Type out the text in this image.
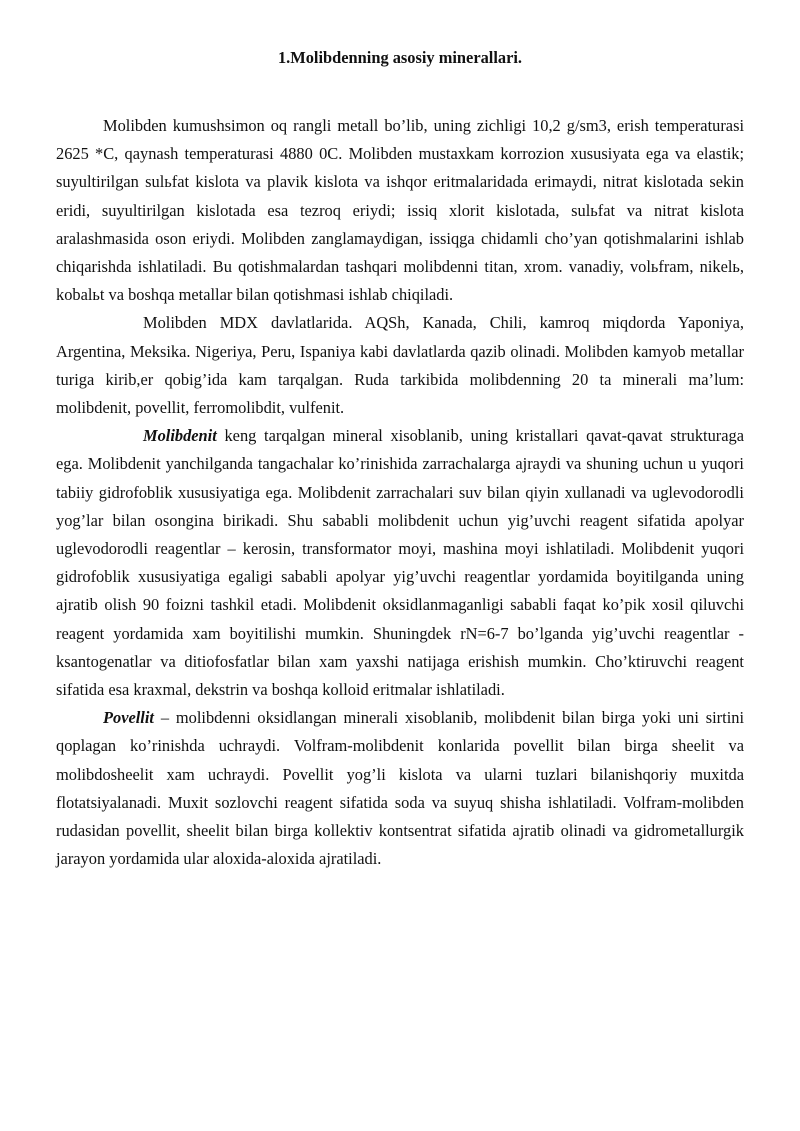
1.Molibdenning asosiy minerallari.

Molibden kumushsimon oq rangli metall bo’lib, uning zichligi 10,2 g/sm3, erish temperaturasi 2625 *C, qaynash temperaturasi 4880 0C. Molibden mustaxkam korrozion xususiyata ega va elastik; suyultirilgan sulьfat kislota va plavik kislota va ishqor eritmalaridada erimaydi, nitrat kislotada sekin eridi, suyultirilgan kislotada esa tezroq eriydi; issiq xlorit kislotada, sulьfat va nitrat kislota aralashmasida oson eriydi. Molibden zanglamaydigan, issiqga chidamli cho’yan qotishmalarini ishlab chiqarishda ishlatiladi. Bu qotishmalardan tashqari molibdenni titan, xrom. vanadiy, volьfram, nikelь, kobalьt va boshqa metallar bilan qotishmasi ishlab chiqiladi.

Molibden MDX davlatlarida. AQSh, Kanada, Chili, kamroq miqdorda Yaponiya, Argentina, Meksika. Nigeriya, Peru, Ispaniya kabi davlatlarda qazib olinadi. Molibden kamyob metallar turiga kirib,er qobig’ida kam tarqalgan. Ruda tarkibida molibdenning 20 ta minerali ma’lum: molibdenit, povellit, ferromolibdit, vulfenit.

Molibdenit keng tarqalgan mineral xisoblanib, uning kristallari qavat-qavat strukturaga ega. Molibdenit yanchilganda tangachalar ko’rinishida zarrachalarga ajraydi va shuning uchun u yuqori tabiiy gidrofoblik xususiyatiga ega. Molibdenit zarrachalari suv bilan qiyin xullanadi va uglevodorodli yog’lar bilan osongina birikadi. Shu sababli molibdenit uchun yig’uvchi reagent sifatida apolyar uglevodorodli reagentlar – kerosin, transformator moyi, mashina moyi ishlatiladi. Molibdenit yuqori gidrofoblik xususiyatiga egaligi sababli apolyar yig’uvchi reagentlar yordamida boyitilganda uning ajratib olish 90 foizni tashkil etadi. Molibdenit oksidlanmaganligi sababli faqat ko’pik xosil qiluvchi reagent yordamida xam boyitilishi mumkin. Shuningdek rN=6-7 bo’lganda yig’uvchi reagentlar - ksantogenatlar va ditiofosfatlar bilan xam yaxshi natijaga erishish mumkin. Cho’ktiruvchi reagent sifatida esa kraxmal, dekstrin va boshqa kolloid eritmalar ishlatiladi.

Povellit – molibdenni oksidlangan minerali xisoblanib, molibdenit bilan birga yoki uni sirtini qoplagan ko’rinishda uchraydi. Volfram-molibdenit konlarida povellit bilan birga sheelit va molibdosheelit xam uchraydi. Povellit yog’li kislota va ularni tuzlari bilanishqoriy muxitda flotatsiyalanadi. Muxit sozlovchi reagent sifatida soda va suyuq shisha ishlatiladi. Volfram-molibden rudasidan povellit, sheelit bilan birga kollektiv kontsentrat sifatida ajratib olinadi va gidrometallurgik jarayon yordamida ular aloxida-aloxida ajratiladi.
